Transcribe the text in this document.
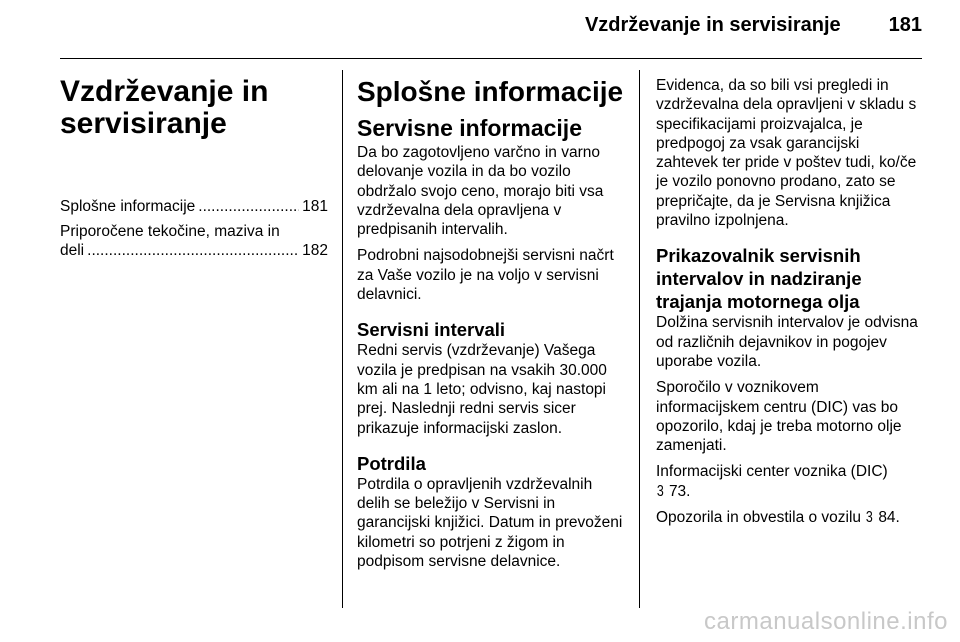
Vzdrževanje in servisiranje 181
Vzdrževanje in
servisiranje
Splošne informacije .....	181
Priporočene tekočine, maziva in
deli .....	182
Splošne informacije
Servisne informacije

Da bo zagotovljeno varčno in varno delovanje vozila in da bo vozilo obdržalo svojo ceno, morajo biti vsa vzdrževalna dela opravljena v predpisanih intervalih.

Podrobni najsodobnejši servisni načrt za Vaše vozilo je na voljo v servisni delavnici.

Servisni intervali

Redni servis (vzdrževanje) Vašega vozila je predpisan na vsakih 30.000 km ali na 1 leto; odvisno, kaj nastopi prej. Naslednji redni servis sicer prikazuje informacijski zaslon.

Potrdila

Potrdila o opravljenih vzdrževalnih delih se beležijo v Servisni in garancijski knjižici. Datum in prevoženi kilometri so potrjeni z žigom in podpisom servisne delavnice.

Evidenca, da so bili vsi pregledi in vzdrževalna dela opravljeni v skladu s specifikacijami proizvajalca, je predpogoj za vsak garancijski zahtevek ter pride v poštev tudi, ko/če je vozilo ponovno prodano, zato se prepričajte, da je Servisna knjižica pravilno izpolnjena.

Prikazovalnik servisnih intervalov in nadziranje trajanja motornega olja

Dolžina servisnih intervalov je odvisna od različnih dejavnikov in pogojev uporabe vozila.

Sporočilo v voznikovem informacijskem centru (DIC) vas bo opozorilo, kdaj je treba motorno olje zamenjati.

Informacijski center voznika (DIC)
3 73.

Opozorila in obvestila o vozilu 3 84.

carmanualsonline.info
